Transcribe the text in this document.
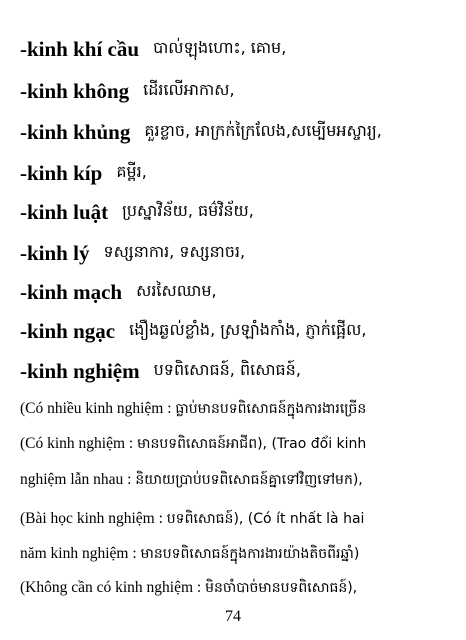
-kinh khí cầu បាល់ឡុងហោះ, គោម,
-kinh không ដើរលើអាកាស,
-kinh khủng គួរខ្លាច, អាក្រក់ក្រៃលែង,សម្បើមអស្ចារ្យ,
-kinh kíp គម្ពីរ,
-kinh luật ប្រស្នាវិន័យ, ធម៌វិន័យ,
-kinh lý ទស្សនាការ, ទស្សនាចរ,
-kinh mạch សរសៃឈាម,
-kinh ngạc ងឿងឆ្ងល់ខ្លាំង, ស្រឡាំងកាំង, ភ្ញាក់ផ្អើល,
-kinh nghiệm បទពិសោធន៍, ពិសោធន៍,
(Có nhiều kinh nghiệm :
ធ្លាប់មានបទពិសោធន៍ក្នុងការងារច្រើន
(Có kinh nghiệm :
មានបទពិសោធន៍អាជីព), (Trao đổi kinh
nghiệm lẫn nhau :
និយាយប្រាប់បទពិសោធន៍គ្នាទៅវិញទៅមក),
(Bài học kinh nghiệm :
បទពិសោធន៍), (Có ít nhất là hai
năm kinh nghiệm :
មានបទពិសោធន៍ក្នុងការងារយ៉ាងតិចពីរឆ្នាំ)
(Không cần có kinh nghiệm :
មិនចាំបាច់មានបទពិសោធន៍),
74
